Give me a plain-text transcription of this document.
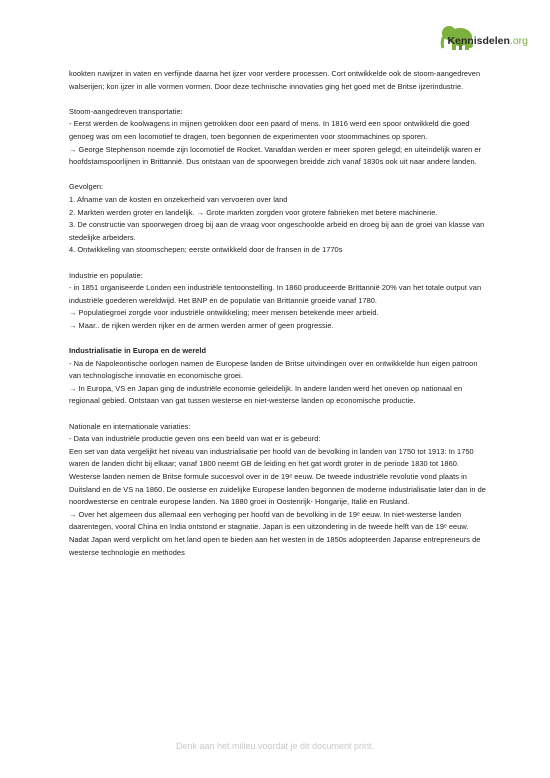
Kennisdelen.org

kookten ruwijzer in vaten en verfijnde daarna het ijzer voor verdere processen. Cort ontwikkelde ook de stoom-aangedreven walserijen; kon ijzer in alle vormen vormen. Door deze technische innovaties ging het goed met de Britse ijzerindustrie.

Stoom-aangedreven transportatie:

- Eerst werden de koolwagens in mijnen getrokken door een paard of mens. In 1816 werd een spoor ontwikkeld die goed genoeg was om een locomotief te dragen, toen begonnen de experimenten voor stoommachines op sporen.

→ George Stephenson noemde zijn locomotief de Rocket. Vanafdan werden er meer sporen gelegd; en uiteindelijk waren er hoofdstamspoorlijnen in Brittannië. Dus ontstaan van de spoorwegen breidde zich vanaf 1830s ook uit naar andere landen.

Gevolgen:

1. Afname van de kosten en onzekerheid van vervoeren over land

2. Markten werden groter en landelijk. → Grote markten zorgden voor grotere fabrieken met betere machinerie.

3. De constructie van spoorwegen droeg bij aan de vraag voor ongeschoolde arbeid en droeg bij aan de groei van klasse van stedelijke arbeiders.

4. Ontwikkeling van stoomschepen; eerste ontwikkeld door de fransen in de 1770s

Industrie en populatie:

- in 1851 organiseerde Londen een industriële tentoonstelling. In 1860 produceerde Brittannië 20% van het totale output van industriële goederen wereldwijd. Het BNP en de populatie van Brittannië groeide vanaf 1780.

→ Populatiegroei zorgde voor industriële ontwikkeling; meer mensen betekende meer arbeid.

→ Maar.. de rijken werden rijker en de armen werden armer of geen progressie.

Industrialisatie in Europa en de wereld

- Na de Napoleontische oorlogen namen de Europese landen de Britse uitvindingen over en ontwikkelde hun eigen patroon van technologische innovatie en economische groei.

→ In Europa, VS en Japan ging de industriële economie geleidelijk. In andere landen werd het oneven op nationaal en regionaal gebied. Ontstaan van gat tussen westerse en niet-westerse landen op economische productie.

Nationale en internationale variaties:

- Data van industriële productie geven ons een beeld van wat er is gebeurd:

Een set van data vergelijkt het niveau van industrialisatie per hoofd van de bevolking in landen van 1750 tot 1913: In 1750 waren de landen dicht bij elkaar; vanaf 1800 neemt GB de leiding en het gat wordt groter in de periode 1830 tot 1860. Westerse landen nemen de Britse formule succesvol over in de 19ᵉ eeuw. De tweede industriële revolutie vond plaats in Duitsland en de VS na 1860. De oosterse en zuidelijke Europese landen begonnen de moderne industrialisatie later dan in de noordwesterse en centrale europese landen. Na 1880 groei in Oostenrijk- Hongarije, Italië en Rusland.

→ Over het algemeen dus allemaal een verhoging per hoofd van de bevolking in de 19ᵉ eeuw. In niet-westerse landen daarentegen, vooral China en India ontstond er stagnatie. Japan is een uitzondering in de tweede helft van de 19ᵉ eeuw. Nadat Japan werd verplicht om het land open te bieden aan het westen in de 1850s adopteerden Japanse entrepreneurs de westerse technologie en methodes

Denk aan het milieu voordat je dit document print.
